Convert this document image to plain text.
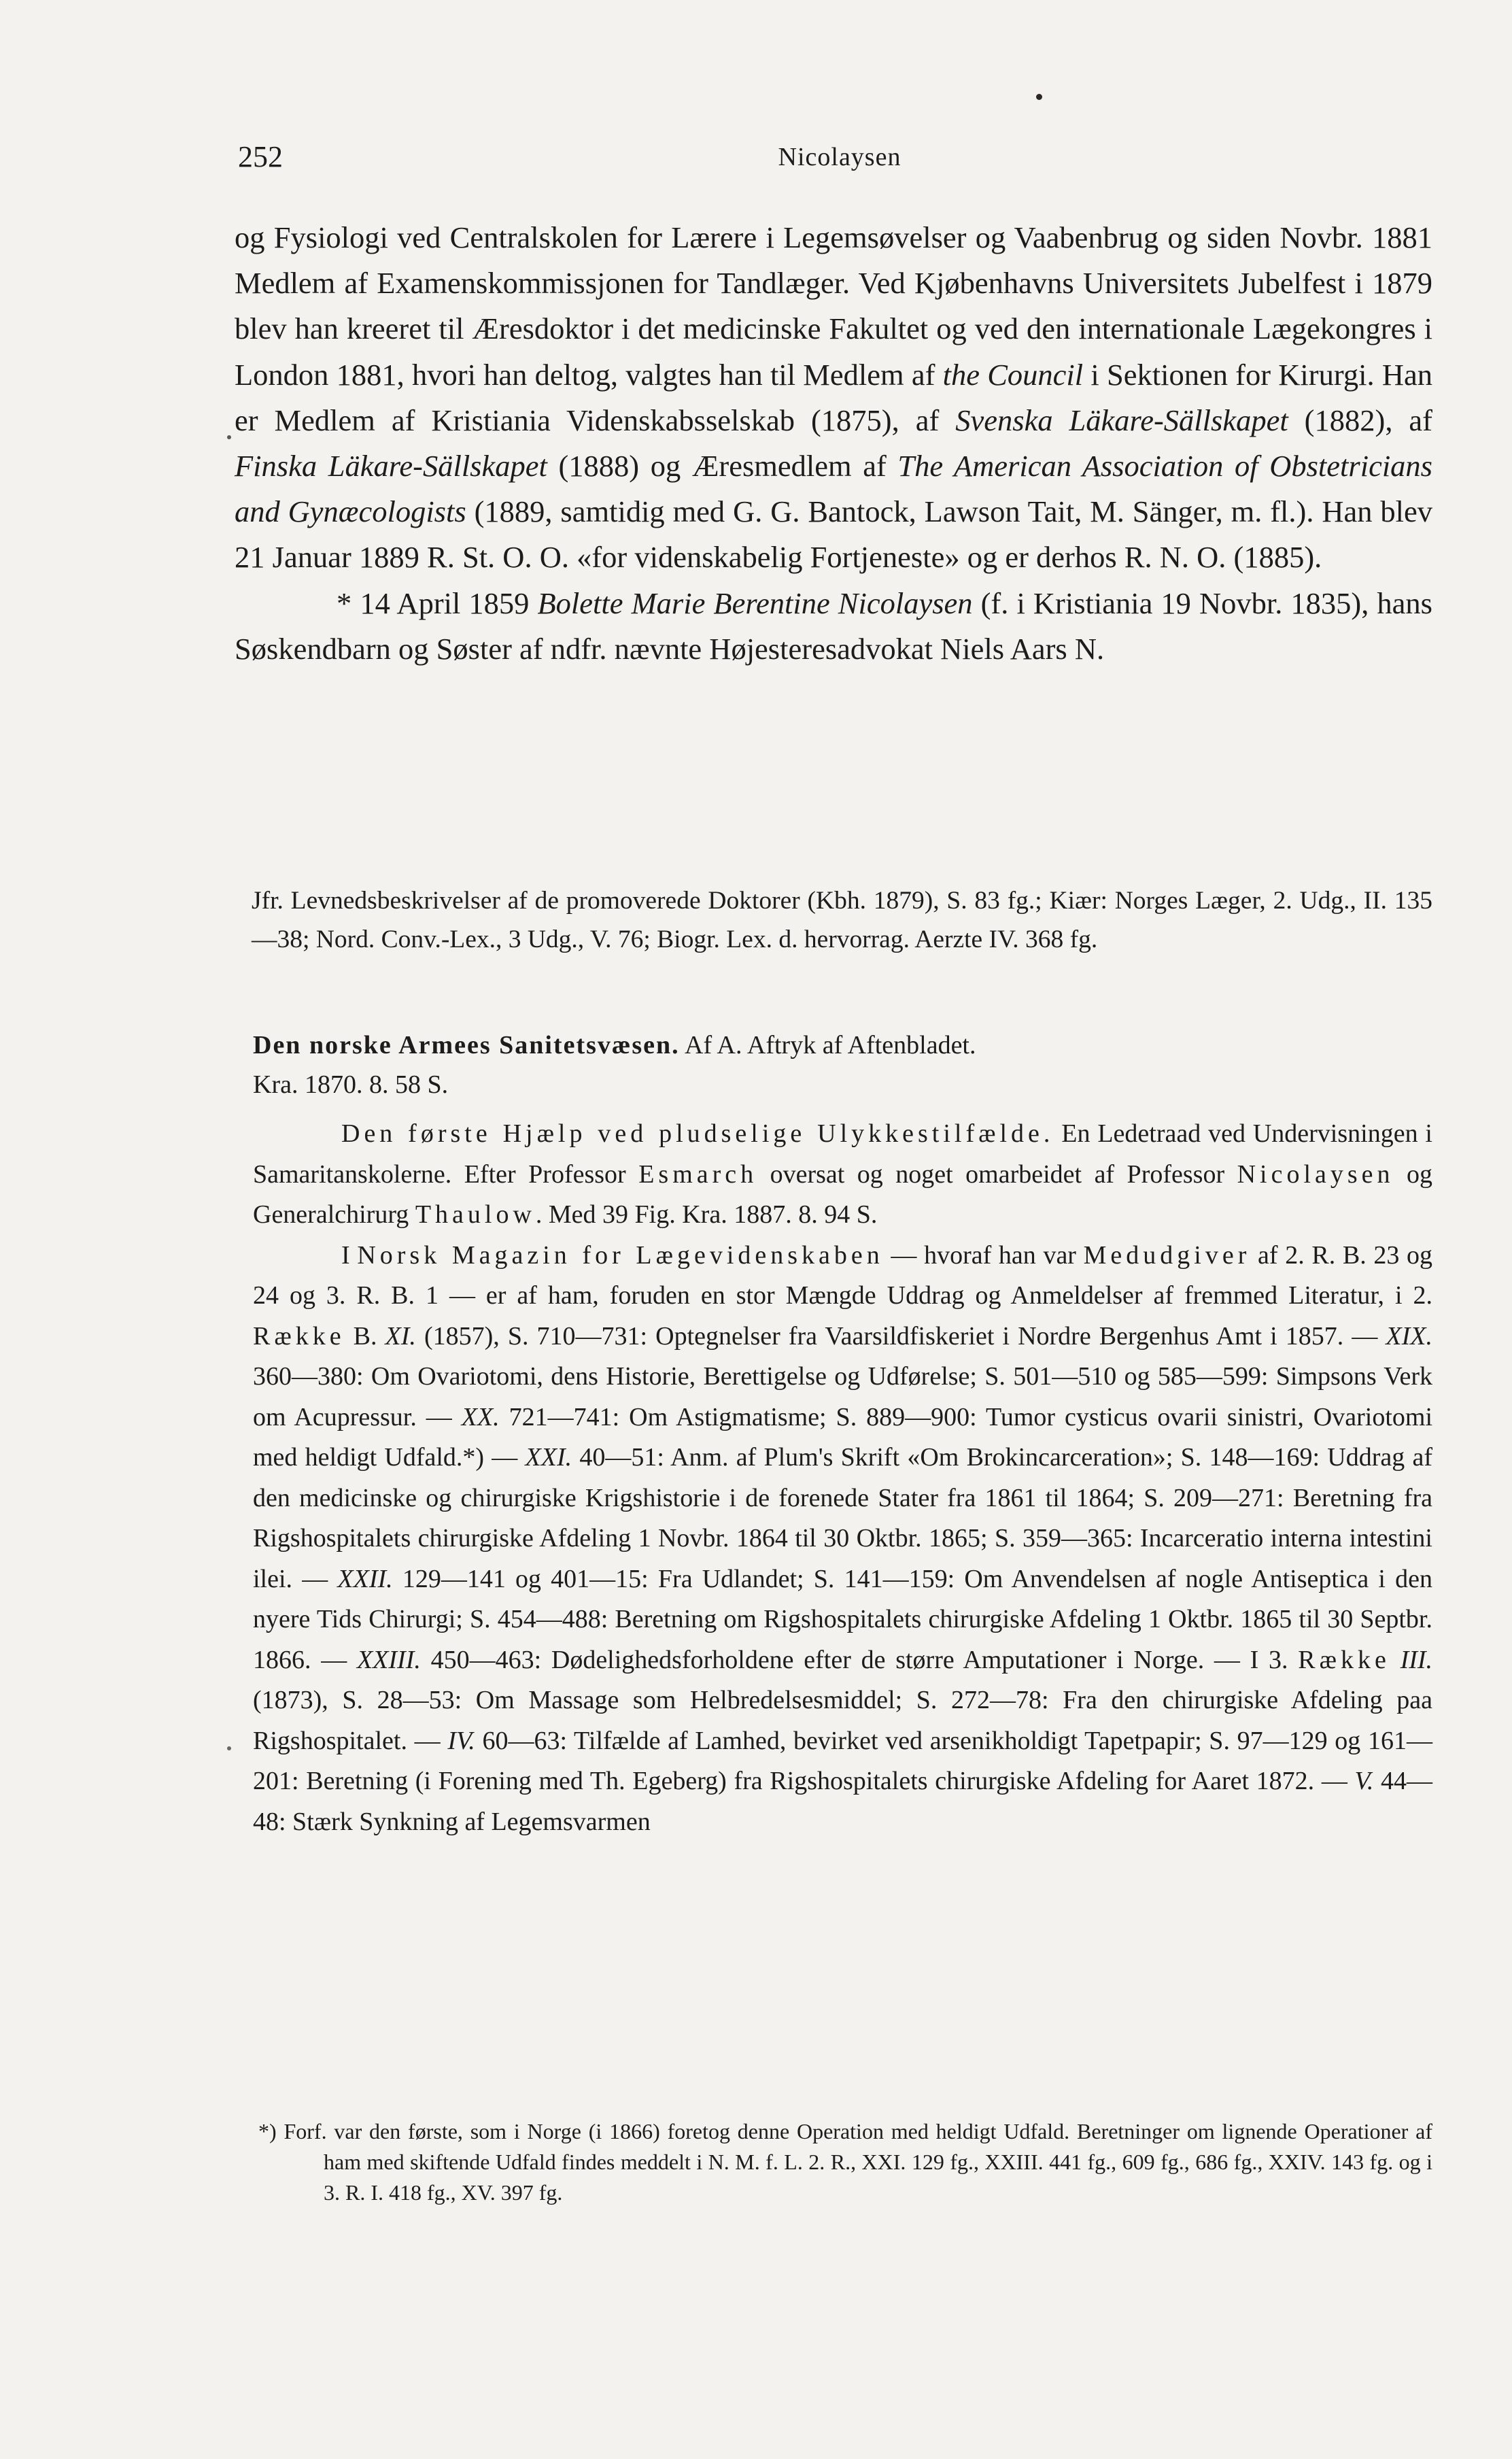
252	Nicolaysen

og Fysiologi ved Centralskolen for Lærere i Legemsøvelser og Vaabenbrug og siden Novbr. 1881 Medlem af Examenskommissjonen for Tandlæger. Ved Kjøbenhavns Universitets Jubelfest i 1879 blev han kreeret til Æresdoktor i det medicinske Fakultet og ved den internationale Lægekongres i London 1881, hvori han deltog, valgtes han til Medlem af the Council i Sektionen for Kirurgi. Han er Medlem af Kristiania Videnskabsselskab (1875), af Svenska Läkare-Sällskapet (1882), af Finska Läkare-Sällskapet (1888) og Æresmedlem af The American Association of Obstetricians and Gynæcologists (1889, samtidig med G. G. Bantock, Lawson Tait, M. Sänger, m. fl.). Han blev 21 Januar 1889 R. St. O. O. «for videnskabelig Fortjeneste» og er derhos R. N. O. (1885).

* 14 April 1859 Bolette Marie Berentine Nicolaysen (f. i Kristiania 19 Novbr. 1835), hans Søskendbarn og Søster af ndfr. nævnte Højesteresadvokat Niels Aars N.

Jfr. Levnedsbeskrivelser af de promoverede Doktorer (Kbh. 1879), S. 83 fg.; Kiær: Norges Læger, 2. Udg., II. 135—38; Nord. Conv.-Lex., 3 Udg., V. 76; Biogr. Lex. d. hervorrag. Aerzte IV. 368 fg.

Den norske Armees Sanitetsvæsen. Af A. Aftryk af Aftenbladet.

Kra. 1870. 8. 58 S.

Den første Hjælp ved pludselige Ulykkestilfælde. En Ledetraad ved Undervisningen i Samaritanskolerne. Efter Professor Esmarch oversat og noget omarbeidet af Professor Nicolaysen og Generalchirurg Thaulow. Med 39 Fig. Kra. 1887. 8. 94 S.

I Norsk Magazin for Lægevidenskaben — hvoraf han var Medudgiver af 2. R. B. 23 og 24 og 3. R. B. 1 — er af ham, foruden en stor Mængde Uddrag og Anmeldelser af fremmed Literatur, i 2. Række B. XI. (1857), S. 710—731: Optegnelser fra Vaarsildfiskeriet i Nordre Bergenhus Amt i 1857. — XIX. 360—380: Om Ovariotomi, dens Historie, Berettigelse og Udførelse; S. 501—510 og 585—599: Simpsons Verk om Acupressur. — XX. 721—741: Om Astigmatisme; S. 889—900: Tumor cysticus ovarii sinistri, Ovariotomi med heldigt Udfald.*) — XXI. 40—51: Anm. af Plum's Skrift «Om Brokincarceration»; S. 148—169: Uddrag af den medicinske og chirurgiske Krigshistorie i de forenede Stater fra 1861 til 1864; S. 209—271: Beretning fra Rigshospitalets chirurgiske Afdeling 1 Novbr. 1864 til 30 Oktbr. 1865; S. 359—365: Incarceratio interna intestini ilei. — XXII. 129—141 og 401—15: Fra Udlandet; S. 141—159: Om Anvendelsen af nogle Antiseptica i den nyere Tids Chirurgi; S. 454—488: Beretning om Rigshospitalets chirurgiske Afdeling 1 Oktbr. 1865 til 30 Septbr. 1866. — XXIII. 450—463: Dødelighedsforholdene efter de større Amputationer i Norge. — I 3. Række III. (1873), S. 28—53: Om Massage som Helbredelsesmiddel; S. 272—78: Fra den chirurgiske Afdeling paa Rigshospitalet. — IV. 60—63: Tilfælde af Lamhed, bevirket ved arsenikholdigt Tapetpapir; S. 97—129 og 161—201: Beretning (i Forening med Th. Egeberg) fra Rigshospitalets chirurgiske Afdeling for Aaret 1872. — V. 44—48: Stærk Synkning af Legemsvarmen

*) Forf. var den første, som i Norge (i 1866) foretog denne Operation med heldigt Udfald. Beretninger om lignende Operationer af ham med skiftende Udfald findes meddelt i N. M. f. L. 2. R., XXI. 129 fg., XXIII. 441 fg., 609 fg., 686 fg., XXIV. 143 fg. og i 3. R. I. 418 fg., XV. 397 fg.
